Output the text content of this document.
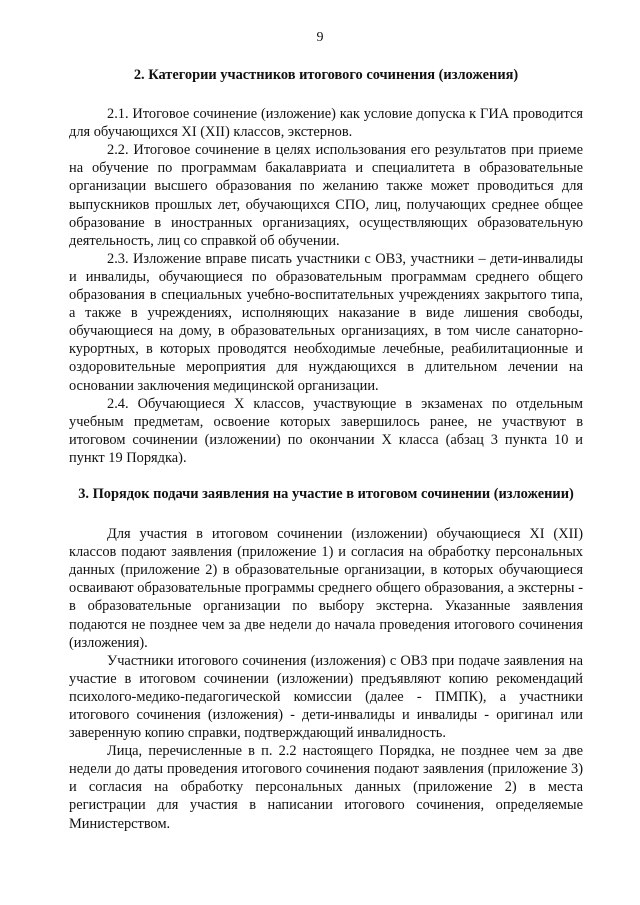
9
2. Категории участников итогового сочинения (изложения)

2.1. Итоговое сочинение (изложение) как условие допуска к ГИА проводится для обучающихся XI (XII) классов, экстернов.

2.2. Итоговое сочинение в целях использования его результатов при приеме на обучение по программам бакалавриата и специалитета в образовательные организации высшего образования по желанию также может проводиться для выпускников прошлых лет, обучающихся СПО, лиц, получающих среднее общее образование в иностранных организациях, осуществляющих образовательную деятельность, лиц со справкой об обучении.

2.3. Изложение вправе писать участники с ОВЗ, участники – дети-инвалиды и инвалиды, обучающиеся по образовательным программам среднего общего образования в специальных учебно-воспитательных учреждениях закрытого типа, а также в учреждениях, исполняющих наказание в виде лишения свободы, обучающиеся на дому, в образовательных организациях, в том числе санаторно-курортных, в которых проводятся необходимые лечебные, реабилитационные и оздоровительные мероприятия для нуждающихся в длительном лечении на основании заключения медицинской организации.

2.4. Обучающиеся X классов, участвующие в экзаменах по отдельным учебным предметам, освоение которых завершилось ранее, не участвуют в итоговом сочинении (изложении) по окончании X класса (абзац 3 пункта 10 и пункт 19 Порядка).

3. Порядок подачи заявления на участие в итоговом сочинении (изложении)

Для участия в итоговом сочинении (изложении) обучающиеся XI (XII) классов подают заявления (приложение 1) и согласия на обработку персональных данных (приложение 2) в образовательные организации, в которых обучающиеся осваивают образовательные программы среднего общего образования, а экстерны - в образовательные организации по выбору экстерна. Указанные заявления подаются не позднее чем за две недели до начала проведения итогового сочинения (изложения).

Участники итогового сочинения (изложения) с ОВЗ при подаче заявления на участие в итоговом сочинении (изложении) предъявляют копию рекомендаций психолого-медико-педагогической комиссии (далее - ПМПК), а участники итогового сочинения (изложения) - дети-инвалиды и инвалиды - оригинал или заверенную копию справки, подтверждающий инвалидность.

Лица, перечисленные в п. 2.2 настоящего Порядка, не позднее чем за две недели до даты проведения итогового сочинения подают заявления (приложение 3) и согласия на обработку персональных данных (приложение 2) в места регистрации для участия в написании итогового сочинения, определяемые Министерством.
